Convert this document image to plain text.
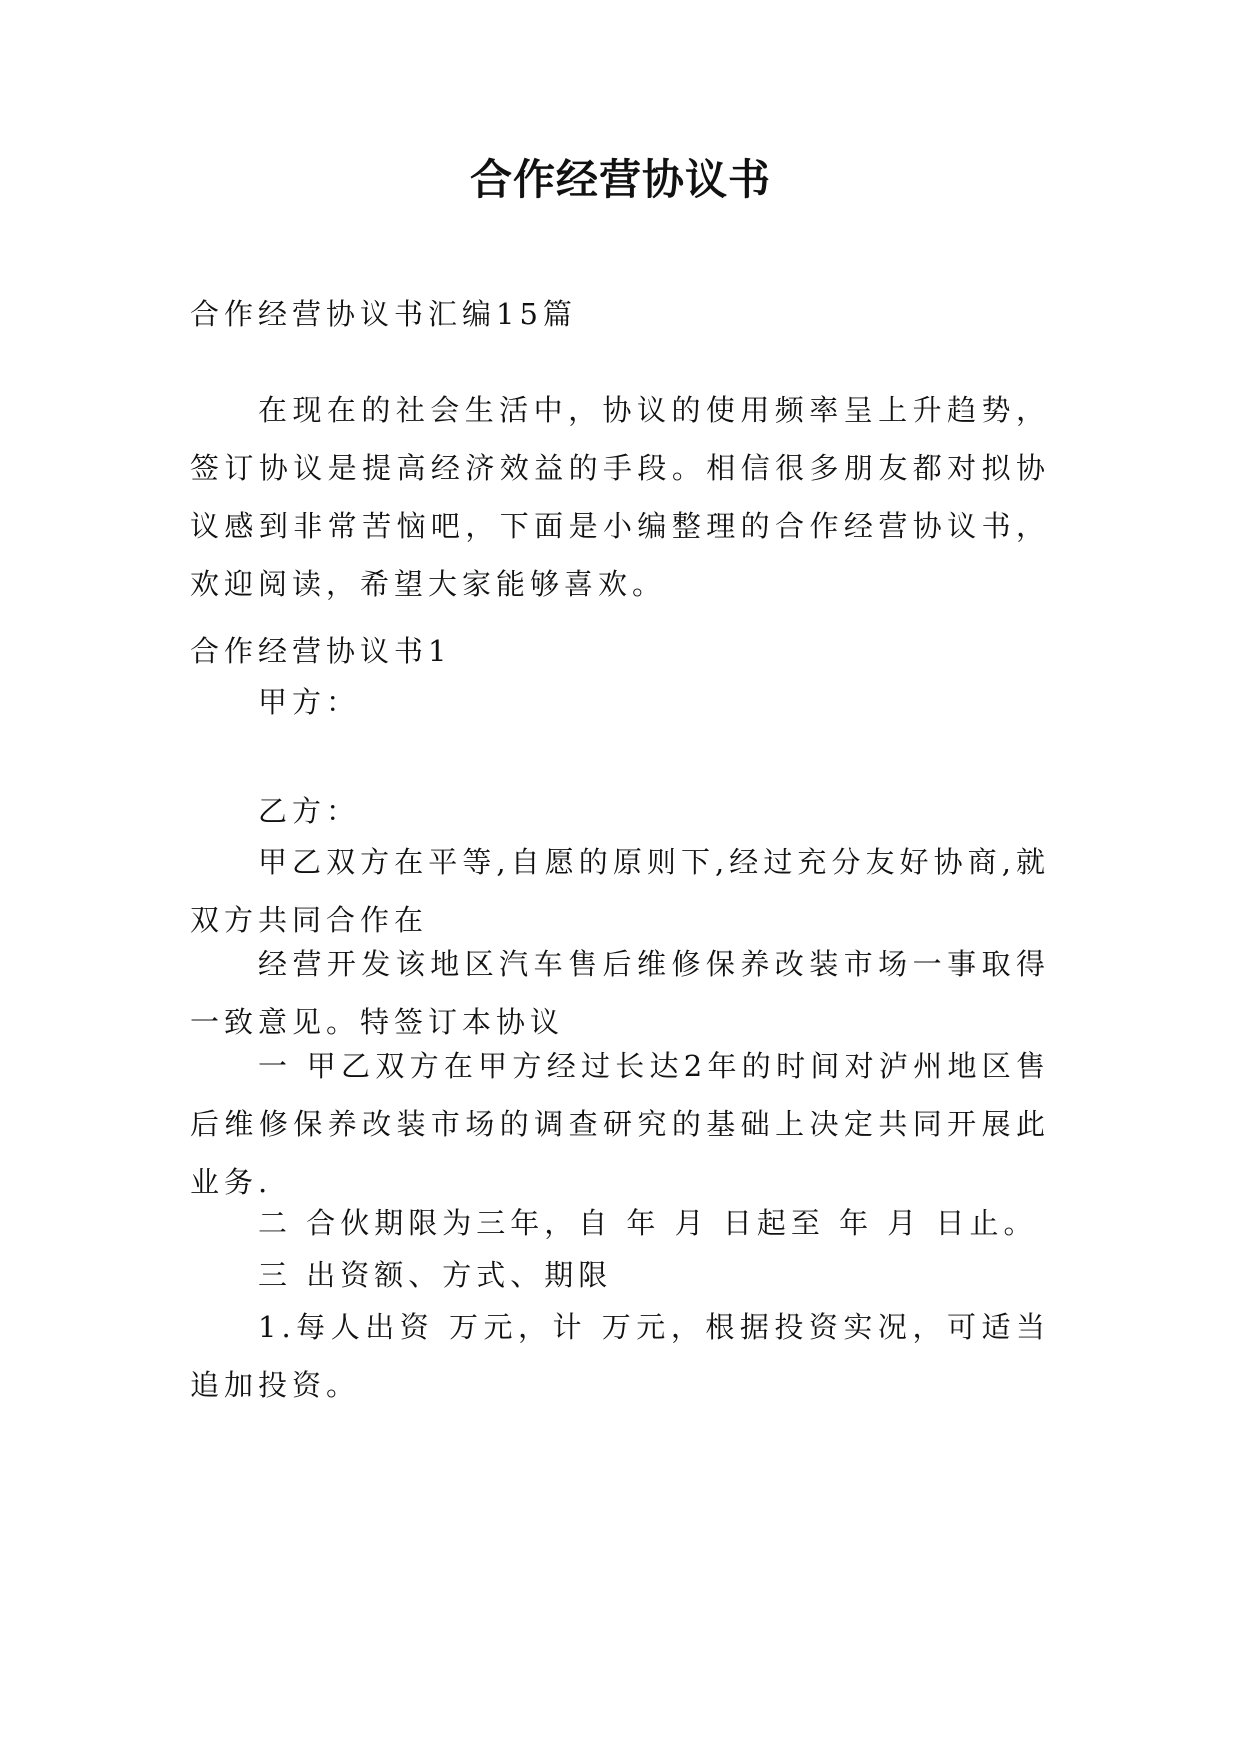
合作经营协议书

合作经营协议书汇编15篇

在现在的社会生活中，协议的使用频率呈上升趋势，签订协议是提高经济效益的手段。相信很多朋友都对拟协议感到非常苦恼吧，下面是小编整理的合作经营协议书，欢迎阅读，希望大家能够喜欢。

合作经营协议书1

甲方：

乙方：

甲乙双方在平等,自愿的原则下,经过充分友好协商,就双方共同合作在

经营开发该地区汽车售后维修保养改装市场一事取得一致意见。特签订本协议

一 甲乙双方在甲方经过长达2年的时间对泸州地区售后维修保养改装市场的调查研究的基础上决定共同开展此业务.

二 合伙期限为三年，自 年 月 日起至 年 月 日止。

三 出资额、方式、期限

1.每人出资 万元，计 万元，根据投资实况，可适当追加投资。
